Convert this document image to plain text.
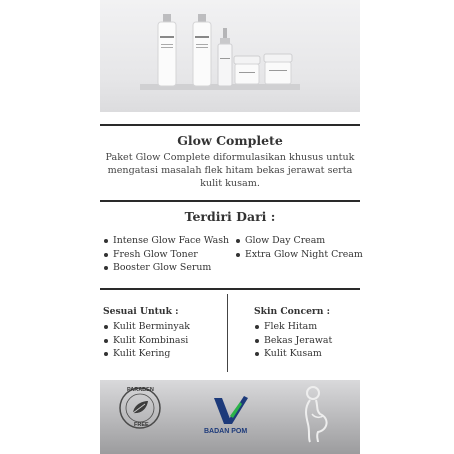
Glow Complete
Paket Glow Complete diformulasikan khusus untuk
mengatasi masalah flek hitam bekas jerawat serta
kulit kusam.
Terdiri Dari :
Intense Glow Face Wash
Fresh Glow Toner
Booster Glow Serum
Glow Day Cream
Extra Glow Night Cream
Sesuai Untuk :
Kulit Berminyak
Kulit Kombinasi
Kulit Kering
Skin Concern :
Flek Hitam
Bekas Jerawat
Kulit Kusam
PARABEN
FREE
BADAN POM
